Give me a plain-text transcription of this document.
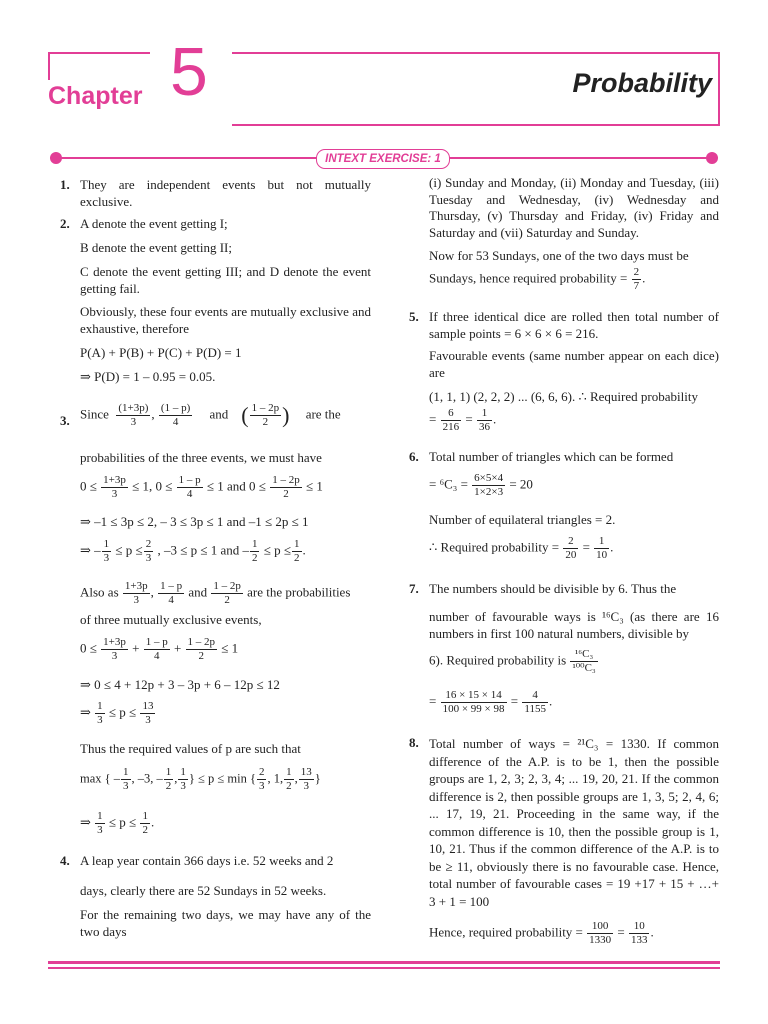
Chapter 5	Probability
INTEXT EXERCISE: 1
1. They are independent events but not mutually exclusive.
2. A denote the event getting I;
B denote the event getting II;
C denote the event getting III; and D denote the event getting fail.
Obviously, these four events are mutually exclusive and exhaustive, therefore
P(A) + P(B) + P(C) + P(D) = 1
⇒ P(D) = 1 – 0.95 = 0.05.
3. Since $\frac{(1+3p)}{3}$ , $\frac{(1 - p)}{4}$ and ( $\frac{1 - 2p}{2}$ ) are the
probabilities of the three events, we must have
$0 \le \frac{1+3p}{3} \le 1$, $0 \le \frac{1 - p}{4} \le 1$ and $0 \le \frac{1 - 2p}{2} \le 1$
⇒ –1 ≤ 3p ≤ 2, – 3 ≤ 3p ≤ 1 and –1 ≤ 2p ≤ 1
⇒ – $\frac{1}{3} \le p \le \frac{2}{3}$ , –3 ≤ p ≤ 1 and – $\frac{1}{2} \le p \le \frac{1}{2}$ .
Also as $\frac{1+3p}{3}$ , $\frac{1 - p}{4}$ and $\frac{1 - 2p}{2}$ are the probabilities
of three mutually exclusive events,
$0 \le \frac{1+3p}{3} + \frac{1 - p}{4} + \frac{1 - 2p}{2} \le 1$
⇒ 0 ≤ 4 + 12p + 3 – 3p + 6 – 12p ≤ 12
⇒ $\frac{1}{3} \le p \le \frac{13}{3}$
Thus the required values of p are such that
max { – $\frac{1}{3}$ , –3, – $\frac{1}{2}$ , $\frac{1}{3}$ } ≤ p ≤ min { $\frac{2}{3}$ , 1, $\frac{1}{2}$ , $\frac{13}{3}$ }
⇒ $\frac{1}{3} \le p \le \frac{1}{2}$ .
4. A leap year contain 366 days i.e. 52 weeks and 2
days, clearly there are 52 Sundays in 52 weeks.
For the remaining two days, we may have any of the two days
(i) Sunday and Monday, (ii) Monday and Tuesday, (iii) Tuesday and Wednesday, (iv) Wednesday and Thursday, (v) Thursday and Friday, (iv) Friday and Saturday and (vii) Saturday and Sunday.
Now for 53 Sundays, one of the two days must be
Sundays, hence required probability = $\frac{2}{7}$ .
5. If three identical dice are rolled then total number of sample points = 6 × 6 × 6 = 216.
Favourable events (same number appear on each dice) are
(1, 1, 1) (2, 2, 2) ... (6, 6, 6). ∴ Required probability
= $\frac{6}{216} = \frac{1}{36}$ .
6. Total number of triangles which can be formed
= $^6C_3 = \frac{6\times 5\times 4}{1\times 2\times 3} = 20$
Number of equilateral triangles = 2.
∴ Required probability = $\frac{2}{20} = \frac{1}{10}$ .
7. The numbers should be divisible by 6. Thus the
number of favourable ways is ¹⁶C₃ (as there are 16 numbers in first 100 natural numbers, divisible by
6). Required probability is $\frac{\text{¹⁶C₃}}{\text{¹⁰⁰C₃}}$
= $\frac{16 \times 15 \times 14}{100 \times 99 \times 98} = \frac{4}{1155}$ .
8. Total number of ways = ²¹C₃ = 1330. If common difference of the A.P. is to be 1, then the possible groups are 1, 2, 3; 2, 3, 4; ... 19, 20, 21. If the common difference is 2, then possible groups are 1, 3, 5; 2, 4, 6; ... 17, 19, 21. Proceeding in the same way, if the common difference is 10, then the possible group is 1, 10, 21. Thus if the common difference of the A.P. is to be ≥ 11, obviously there is no favourable case. Hence, total number of favourable cases = 19 +17 + 15 + …+ 3 + 1 = 100
Hence, required probability = $\frac{100}{1330} = \frac{10}{133}$ .
